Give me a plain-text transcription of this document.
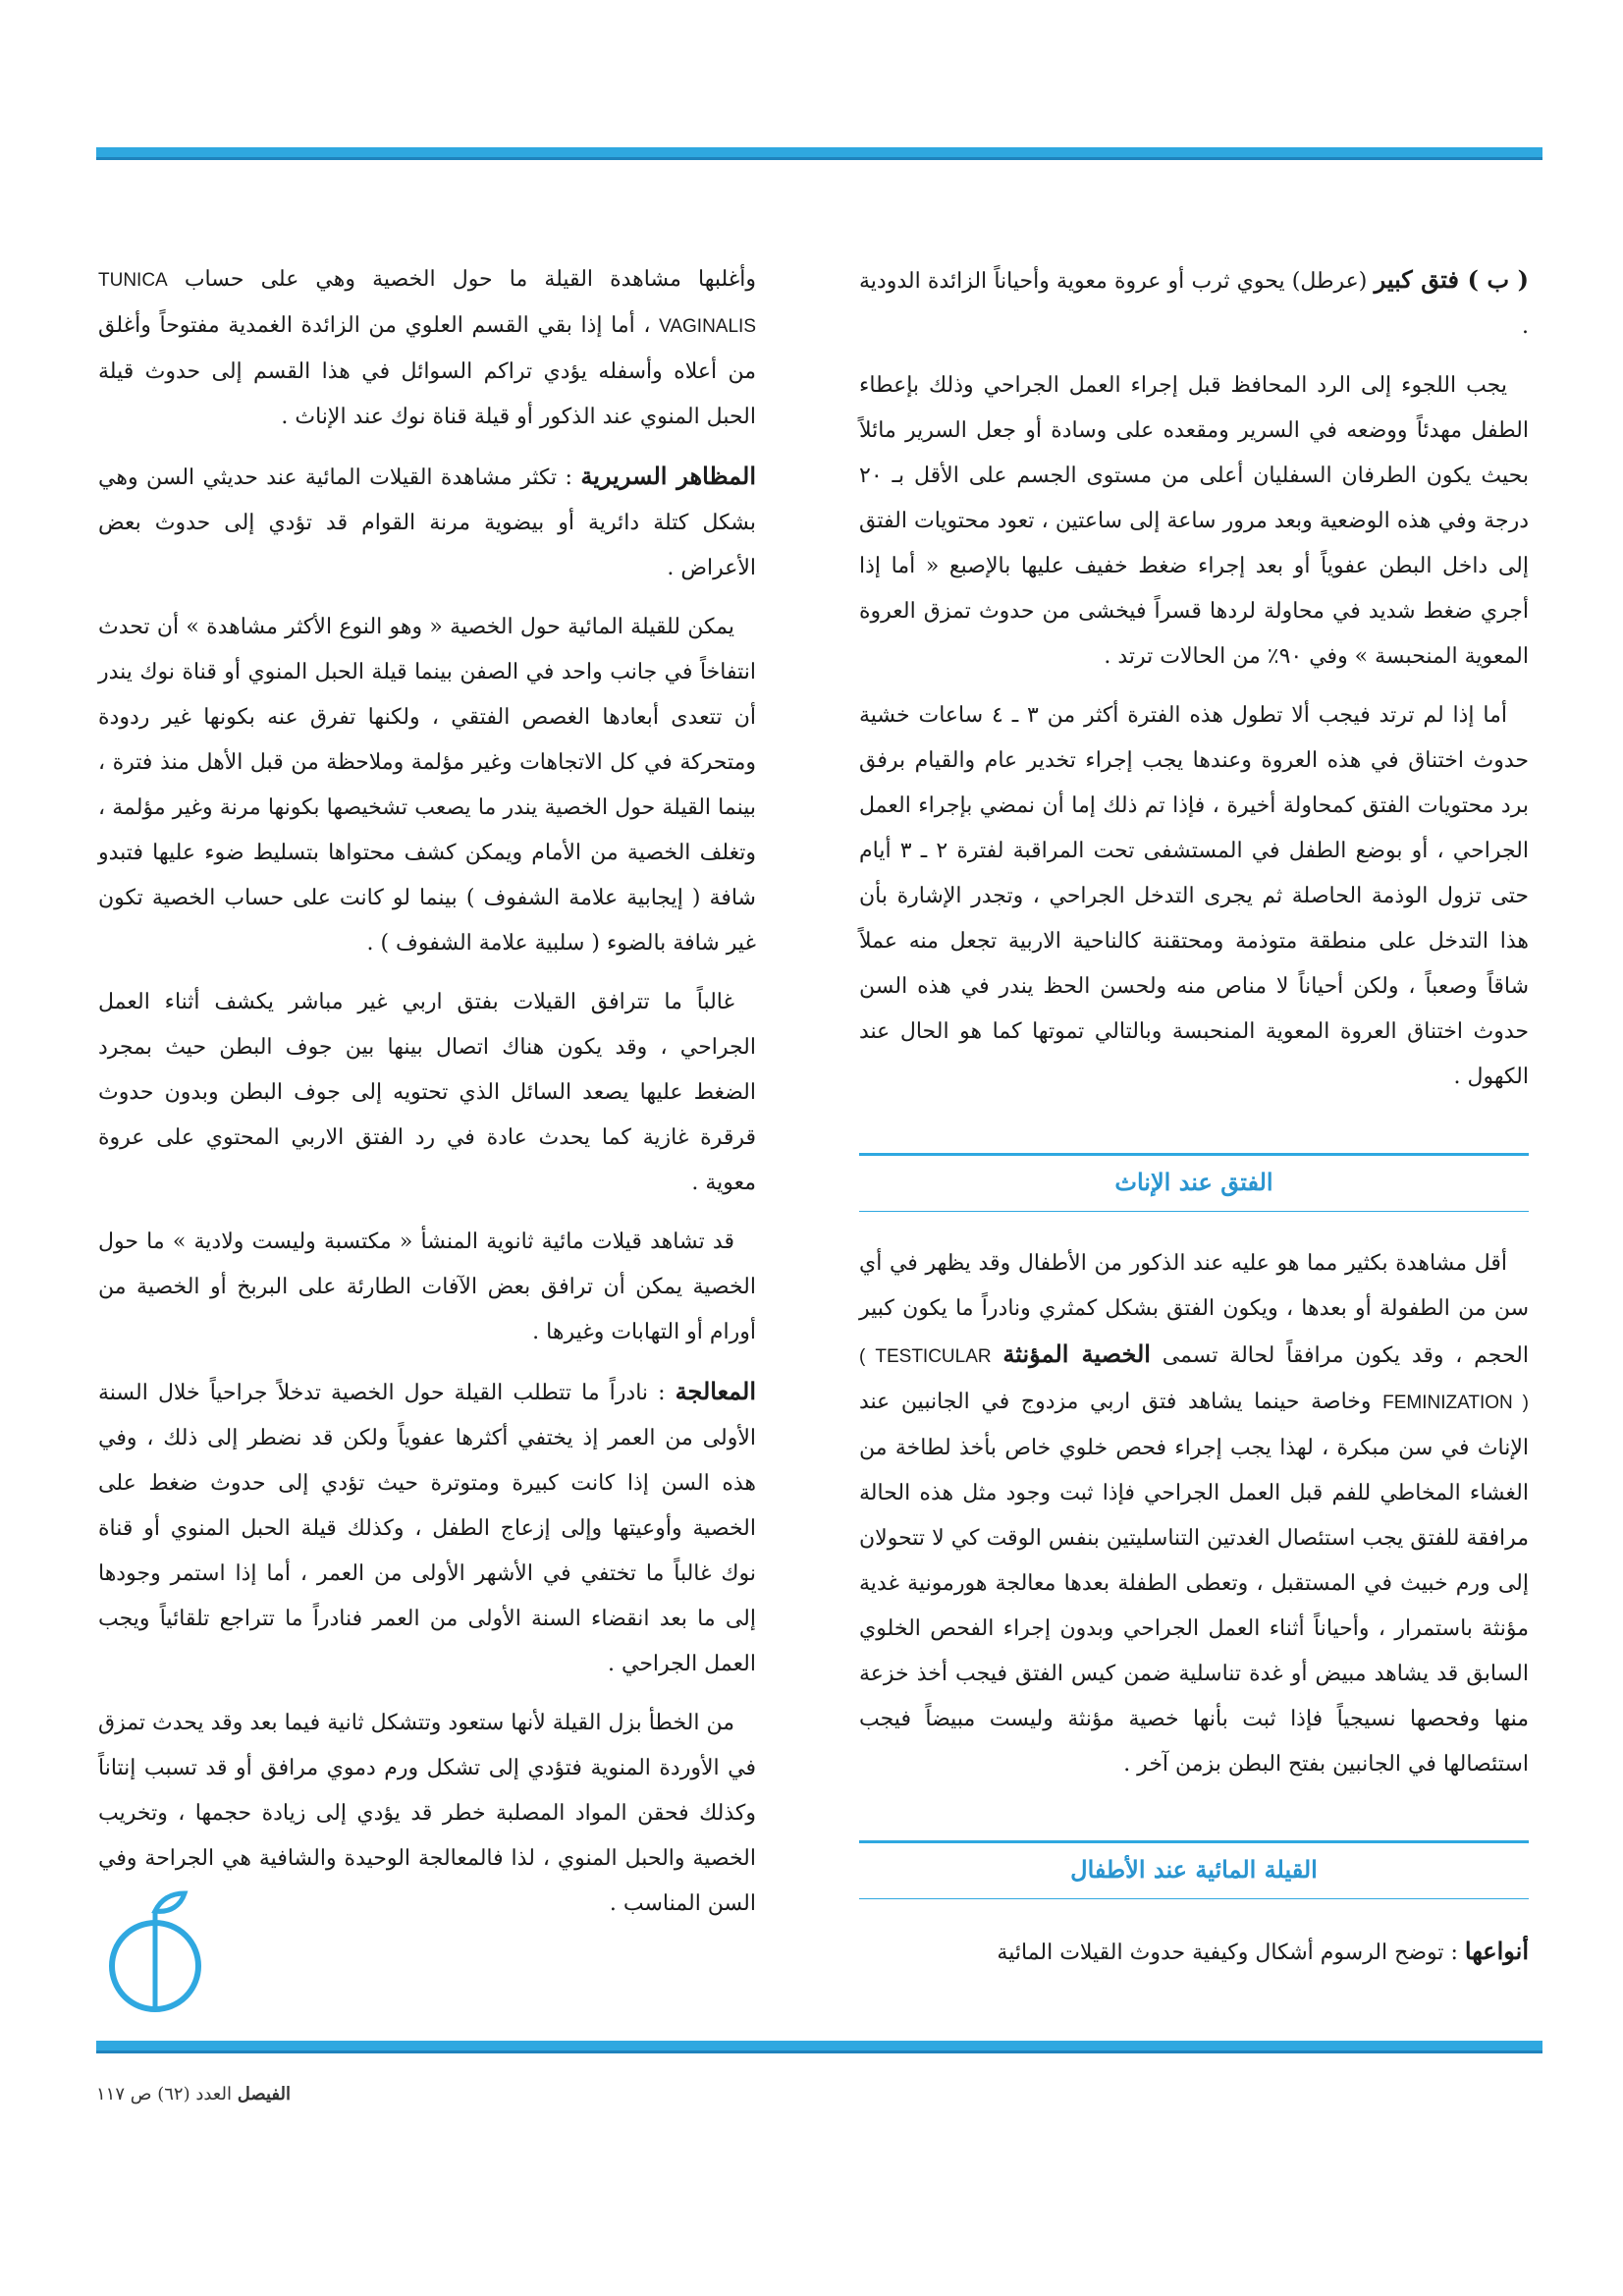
( ب ) فتق كبير (عرطل) يحوي ثرب أو عروة معوية وأحياناً الزائدة الدودية .

يجب اللجوء إلى الرد المحافظ قبل إجراء العمل الجراحي وذلك بإعطاء الطفل مهدئاً ووضعه في السرير ومقعده على وسادة أو جعل السرير مائلاً بحيث يكون الطرفان السفليان أعلى من مستوى الجسم على الأقل بـ ٢٠ درجة وفي هذه الوضعية وبعد مرور ساعة إلى ساعتين ، تعود محتويات الفتق إلى داخل البطن عفوياً أو بعد إجراء ضغط خفيف عليها بالإصبع « أما إذا أجري ضغط شديد في محاولة لردها قسراً فيخشى من حدوث تمزق العروة المعوية المنحبسة » وفي ٩٠٪ من الحالات ترتد .

أما إذا لم ترتد فيجب ألا تطول هذه الفترة أكثر من ٣ ـ ٤ ساعات خشية حدوث اختناق في هذه العروة وعندها يجب إجراء تخدير عام والقيام برفق برد محتويات الفتق كمحاولة أخيرة ، فإذا تم ذلك إما أن نمضي بإجراء العمل الجراحي ، أو بوضع الطفل في المستشفى تحت المراقبة لفترة ٢ ـ ٣ أيام حتى تزول الوذمة الحاصلة ثم يجرى التدخل الجراحي ، وتجدر الإشارة بأن هذا التدخل على منطقة متوذمة ومحتقنة كالناحية الاربية تجعل منه عملاً شاقاً وصعباً ، ولكن أحياناً لا مناص منه ولحسن الحظ يندر في هذه السن حدوث اختناق العروة المعوية المنحبسة وبالتالي تموتها كما هو الحال عند الكهول .

الفتق عند الإناث

أقل مشاهدة بكثير مما هو عليه عند الذكور من الأطفال وقد يظهر في أي سن من الطفولة أو بعدها ، ويكون الفتق بشكل كمثري ونادراً ما يكون كبير الحجم ، وقد يكون مرافقاً لحالة تسمى الخصية المؤنثة ( TESTICULAR FEMINIZATION ) وخاصة حينما يشاهد فتق اربي مزدوج في الجانبين عند الإناث في سن مبكرة ، لهذا يجب إجراء فحص خلوي خاص بأخذ لطاخة من الغشاء المخاطي للفم قبل العمل الجراحي فإذا ثبت وجود مثل هذه الحالة مرافقة للفتق يجب استئصال الغدتين التناسليتين بنفس الوقت كي لا تتحولان إلى ورم خبيث في المستقبل ، وتعطى الطفلة بعدها معالجة هورمونية غدية مؤنثة باستمرار ، وأحياناً أثناء العمل الجراحي وبدون إجراء الفحص الخلوي السابق قد يشاهد مبيض أو غدة تناسلية ضمن كيس الفتق فيجب أخذ خزعة منها وفحصها نسيجياً فإذا ثبت بأنها خصية مؤنثة وليست مبيضاً فيجب استئصالها في الجانبين بفتح البطن بزمن آخر .

القيلة المائية عند الأطفال

أنواعها : توضح الرسوم أشكال وكيفية حدوث القيلات المائية

وأغلبها مشاهدة القيلة ما حول الخصية وهي على حساب TUNICA VAGINALIS ، أما إذا بقي القسم العلوي من الزائدة الغمدية مفتوحاً وأغلق من أعلاه وأسفله يؤدي تراكم السوائل في هذا القسم إلى حدوث قيلة الحبل المنوي عند الذكور أو قيلة قناة نوك عند الإناث .

المظاهر السريرية : تكثر مشاهدة القيلات المائية عند حديثي السن وهي بشكل كتلة دائرية أو بيضوية مرنة القوام قد تؤدي إلى حدوث بعض الأعراض .

يمكن للقيلة المائية حول الخصية « وهو النوع الأكثر مشاهدة » أن تحدث انتفاخاً في جانب واحد في الصفن بينما قيلة الحبل المنوي أو قناة نوك يندر أن تتعدى أبعادها الغصص الفتقي ، ولكنها تفرق عنه بكونها غير ردودة ومتحركة في كل الاتجاهات وغير مؤلمة وملاحظة من قبل الأهل منذ فترة ، بينما القيلة حول الخصية يندر ما يصعب تشخيصها بكونها مرنة وغير مؤلمة ، وتغلف الخصية من الأمام ويمكن كشف محتواها بتسليط ضوء عليها فتبدو شافة ( إيجابية علامة الشفوف ) بينما لو كانت على حساب الخصية تكون غير شافة بالضوء ( سلبية علامة الشفوف ) .

غالباً ما تترافق القيلات بفتق اربي غير مباشر يكشف أثناء العمل الجراحي ، وقد يكون هناك اتصال بينها بين جوف البطن حيث بمجرد الضغط عليها يصعد السائل الذي تحتويه إلى جوف البطن وبدون حدوث قرقرة غازية كما يحدث عادة في رد الفتق الاربي المحتوي على عروة معوية .

قد تشاهد قيلات مائية ثانوية المنشأ « مكتسبة وليست ولادية » ما حول الخصية يمكن أن ترافق بعض الآفات الطارئة على البربخ أو الخصية من أورام أو التهابات وغيرها .

المعالجة : نادراً ما تتطلب القيلة حول الخصية تدخلاً جراحياً خلال السنة الأولى من العمر إذ يختفي أكثرها عفوياً ولكن قد نضطر إلى ذلك ، وفي هذه السن إذا كانت كبيرة ومتوترة حيث تؤدي إلى حدوث ضغط على الخصية وأوعيتها وإلى إزعاج الطفل ، وكذلك قيلة الحبل المنوي أو قناة نوك غالباً ما تختفي في الأشهر الأولى من العمر ، أما إذا استمر وجودها إلى ما بعد انقضاء السنة الأولى من العمر فنادراً ما تتراجع تلقائياً ويجب العمل الجراحي .

من الخطأ بزل القيلة لأنها ستعود وتتشكل ثانية فيما بعد وقد يحدث تمزق في الأوردة المنوية فتؤدي إلى تشكل ورم دموي مرافق أو قد تسبب إنتاناً وكذلك فحقن المواد المصلبة خطر قد يؤدي إلى زيادة حجمها ، وتخريب الخصية والحبل المنوي ، لذا فالمعالجة الوحيدة والشافية هي الجراحة وفي السن المناسب .

الفيصل العدد (٦٢) ص ١١٧
